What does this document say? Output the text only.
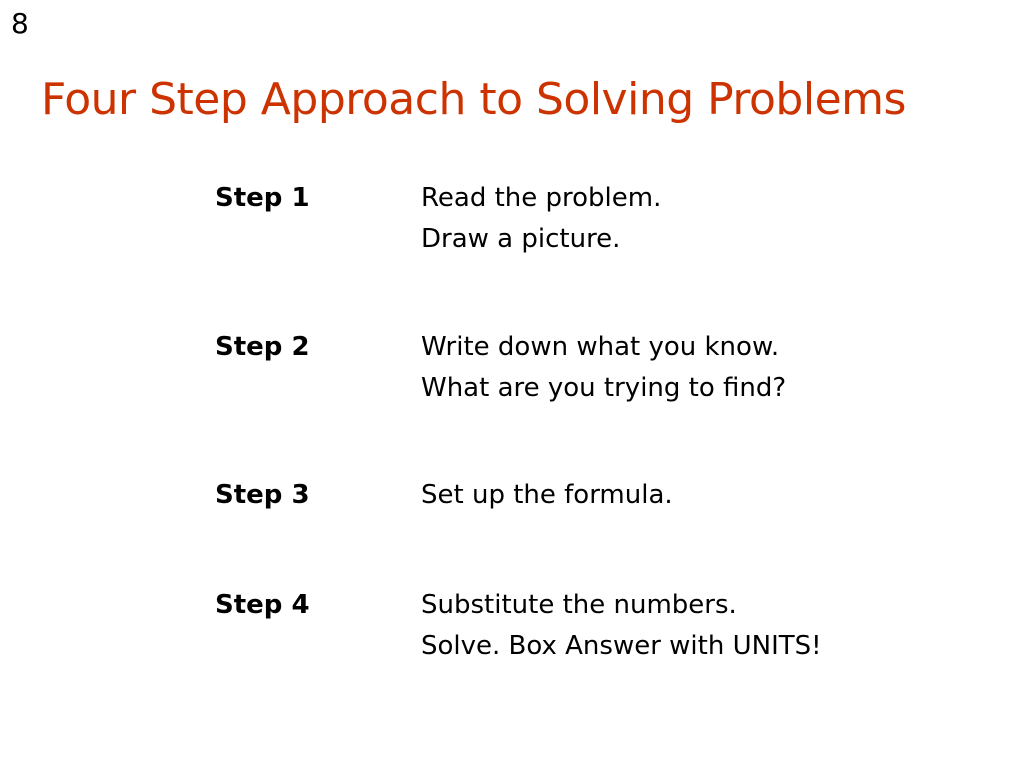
8
Four Step Approach to Solving Problems
Step 1	Read the problem.
Draw a picture.
Step 2	Write down what you know.
What are you trying to find?
Step 3	Set up the formula.
Step 4	Substitute the numbers.
Solve. Box Answer with UNITS!
